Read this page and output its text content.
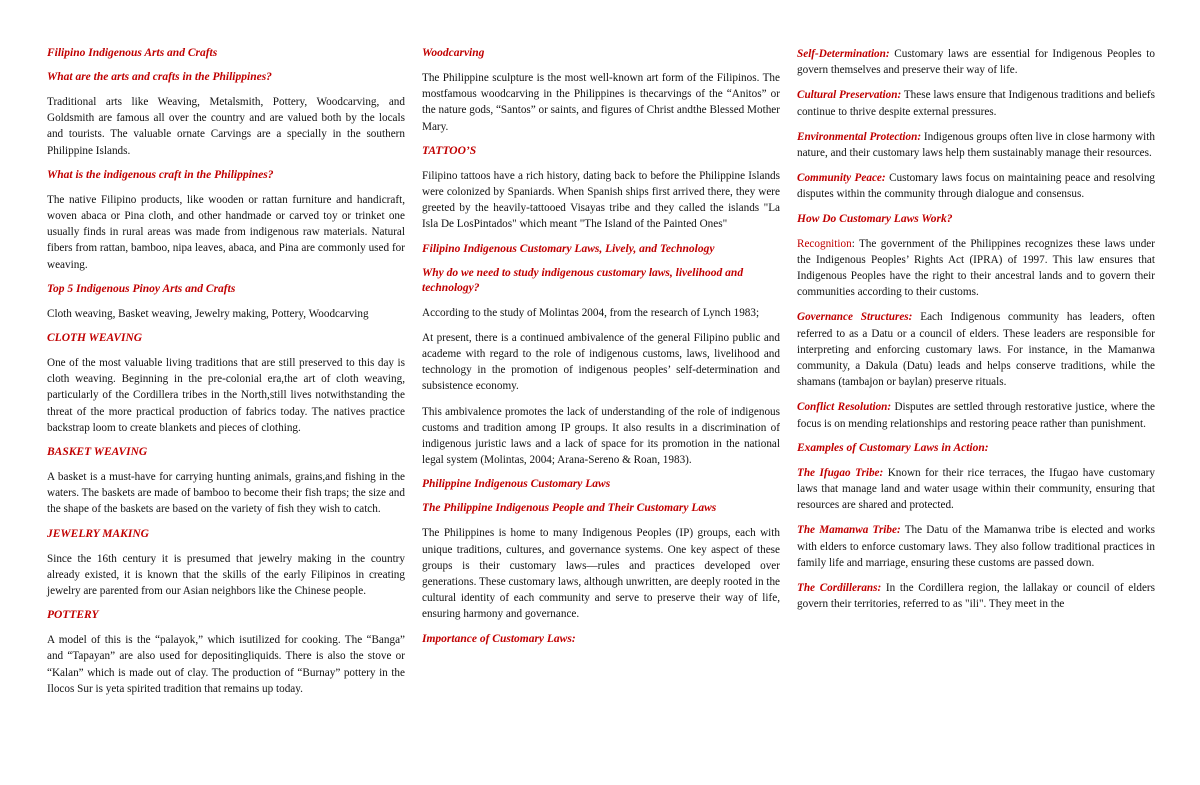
Filipino Indigenous Arts and Crafts
What are the arts and crafts in the Philippines?
Traditional arts like Weaving, Metalsmith, Pottery, Woodcarving, and Goldsmith are famous all over the country and are valued both by the locals and tourists. The valuable ornate Carvings are a specially in the southern Philippine Islands.
What is the indigenous craft in the Philippines?
The native Filipino products, like wooden or rattan furniture and handicraft, woven abaca or Pina cloth, and other handmade or carved toy or trinket one usually finds in rural areas was made from indigenous raw materials. Natural fibers from rattan, bamboo, nipa leaves, abaca, and Pina are commonly used for weaving.
Top 5 Indigenous Pinoy Arts and Crafts
Cloth weaving, Basket weaving, Jewelry making, Pottery, Woodcarving
CLOTH WEAVING
One of the most valuable living traditions that are still preserved to this day is cloth weaving. Beginning in the pre-colonial era,the art of cloth weaving, particularly of the Cordillera tribes in the North,still lives notwithstanding the threat of the more practical production of fabrics today. The natives practice backstrap loom to create blankets and pieces of clothing.
BASKET WEAVING
A basket is a must-have for carrying hunting animals, grains,and fishing in the waters. The baskets are made of bamboo to become their fish traps; the size and the shape of the baskets are based on the variety of fish they wish to catch.
JEWELRY MAKING
Since the 16th century it is presumed that jewelry making in the country already existed, it is known that the skills of the early Filipinos in creating jewelry are parented from our Asian neighbors like the Chinese people.
POTTERY
A model of this is the “palayok,” which isutilized for cooking. The “Banga” and “Tapayan” are also used for depositingliquids. There is also the stove or “Kalan” which is made out of clay. The production of “Burnay” pottery in the Ilocos Sur is yeta spirited tradition that remains up today.
Woodcarving
The Philippine sculpture is the most well-known art form of the Filipinos. The mostfamous woodcarving in the Philippines is thecarvings of the “Anitos” or the nature gods, “Santos” or saints, and figures of Christ andthe Blessed Mother Mary.
TATTOO’S
Filipino tattoos have a rich history, dating back to before the Philippine Islands were colonized by Spaniards. When Spanish ships first arrived there, they were greeted by the heavily-tattooed Visayas tribe and they called the islands "La Isla De LosPintados" which meant "The Island of the Painted Ones"
Filipino Indigenous Customary Laws, Lively, and Technology
Why do we need to study indigenous customary laws, livelihood and technology?
According to the study of Molintas 2004, from the research of Lynch 1983;
At present, there is a continued ambivalence of the general Filipino public and academe with regard to the role of indigenous customs, laws, livelihood and technology in the promotion of indigenous peoples’ self-determination and subsistence economy.
This ambivalence promotes the lack of understanding of the role of indigenous customs and tradition among IP groups. It also results in a discrimination of indigenous juristic laws and a lack of space for its promotion in the national legal system (Molintas, 2004; Arana-Sereno & Roan, 1983).
Philippine Indigenous Customary Laws
The Philippine Indigenous People and Their Customary Laws
The Philippines is home to many Indigenous Peoples (IP) groups, each with unique traditions, cultures, and governance systems. One key aspect of these groups is their customary laws—rules and practices developed over generations. These customary laws, although unwritten, are deeply rooted in the cultural identity of each community and serve to preserve their way of life, ensuring harmony and governance.
Importance of Customary Laws:
Self-Determination: Customary laws are essential for Indigenous Peoples to govern themselves and preserve their way of life.
Cultural Preservation: These laws ensure that Indigenous traditions and beliefs continue to thrive despite external pressures.
Environmental Protection: Indigenous groups often live in close harmony with nature, and their customary laws help them sustainably manage their resources.
Community Peace: Customary laws focus on maintaining peace and resolving disputes within the community through dialogue and consensus.
How Do Customary Laws Work?
Recognition: The government of the Philippines recognizes these laws under the Indigenous Peoples’ Rights Act (IPRA) of 1997. This law ensures that Indigenous Peoples have the right to their ancestral lands and to govern their communities according to their customs.
Governance Structures: Each Indigenous community has leaders, often referred to as a Datu or a council of elders. These leaders are responsible for interpreting and enforcing customary laws. For instance, in the Mamanwa community, a Dakula (Datu) leads and helps conserve traditions, while the shamans (tambajon or baylan) preserve rituals.
Conflict Resolution: Disputes are settled through restorative justice, where the focus is on mending relationships and restoring peace rather than punishment.
Examples of Customary Laws in Action:
The Ifugao Tribe: Known for their rice terraces, the Ifugao have customary laws that manage land and water usage within their community, ensuring that resources are shared and protected.
The Mamanwa Tribe: The Datu of the Mamanwa tribe is elected and works with elders to enforce customary laws. They also follow traditional practices in family life and marriage, ensuring these customs are passed down.
The Cordillerans: In the Cordillera region, the lallakay or council of elders govern their territories, referred to as "ili". They meet in the
